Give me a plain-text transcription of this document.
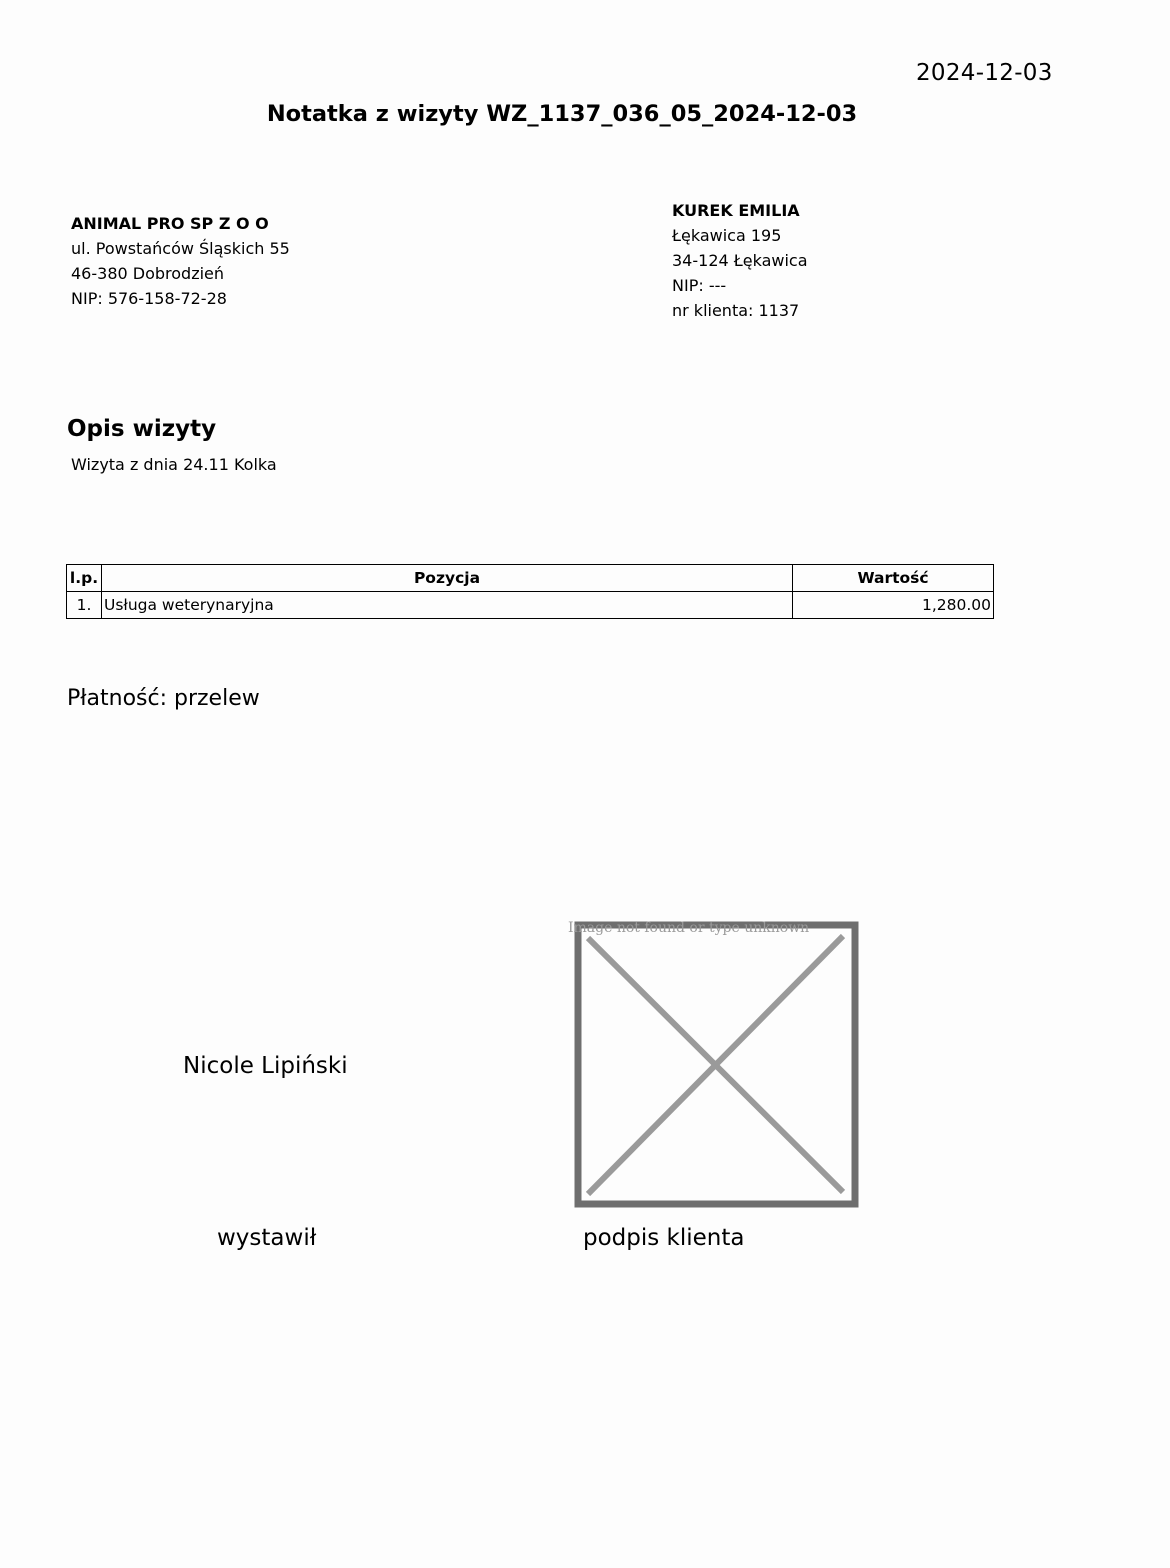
2024-12-03
Notatka z wizyty WZ_1137_036_05_2024-12-03
ANIMAL PRO SP Z O O
ul. Powstańców Śląskich 55
46-380 Dobrodzień
NIP: 576-158-72-28
KUREK EMILIA
Łękawica 195
34-124 Łękawica
NIP: ---
nr klienta: 1137
Opis wizyty
Wizyta z dnia 24.11 Kolka
l.p.	Pozycja	Wartość
1.	Usługa weterynaryjna	1,280.00
Płatność: przelew
Nicole Lipiński
wystawił	podpis klienta
Image not found or type unknown
